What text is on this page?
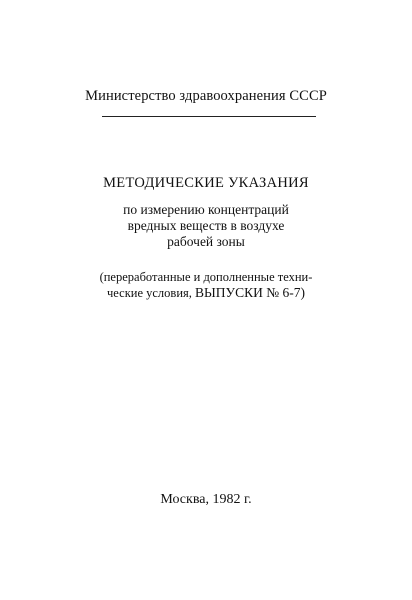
Министерство здравоохранения СССР
МЕТОДИЧЕСКИЕ УКАЗАНИЯ
по измерению концентраций
вредных веществ в воздухе
рабочей зоны
(переработанные и дополненные техни-
ческие условия, ВЫПУСКИ № 6-7)
Москва, 1982 г.
